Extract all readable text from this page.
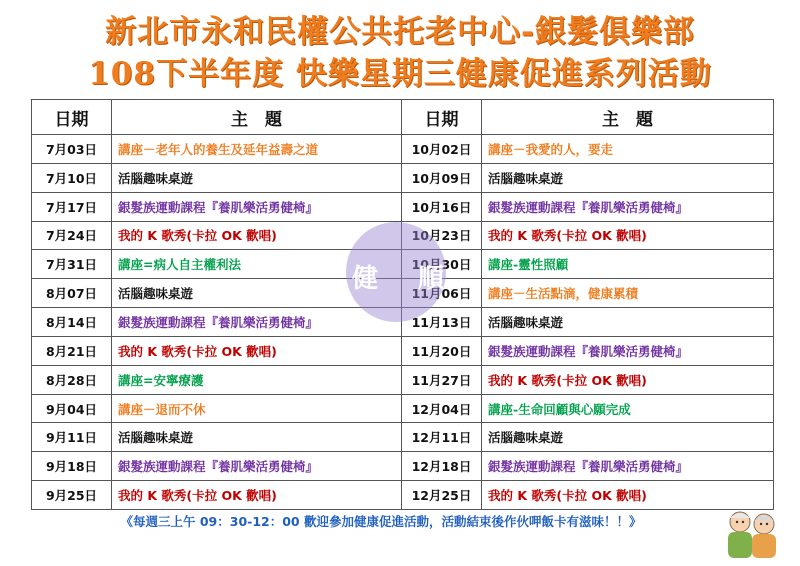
新北市永和民權公共托老中心-銀髮俱樂部
108下半年度 快樂星期三健康促進系列活動
日期	主　題	日期	主　題
7月03日	講座－老年人的養生及延年益壽之道	10月02日	講座－我愛的人，要走
7月10日	活腦趣味桌遊	10月09日	活腦趣味桌遊
7月17日	銀髮族運動課程『養肌樂活勇健椅』	10月16日	銀髮族運動課程『養肌樂活勇健椅』
7月24日	我的 K 歌秀(卡拉 OK 歡唱)	10月23日	我的 K 歌秀(卡拉 OK 歡唱)
7月31日	講座=病人自主權利法	10月30日	講座-靈性照顧
8月07日	活腦趣味桌遊	11月06日	講座－生活點滴，健康累積
8月14日	銀髮族運動課程『養肌樂活勇健椅』	11月13日	活腦趣味桌遊
8月21日	我的 K 歌秀(卡拉 OK 歡唱)	11月20日	銀髮族運動課程『養肌樂活勇健椅』
8月28日	講座=安寧療護	11月27日	我的 K 歌秀(卡拉 OK 歡唱)
9月04日	講座－退而不休	12月04日	講座-生命回顧與心願完成
9月11日	活腦趣味桌遊	12月11日	活腦趣味桌遊
9月18日	銀髮族運動課程『養肌樂活勇健椅』	12月18日	銀髮族運動課程『養肌樂活勇健椅』
9月25日	我的 K 歌秀(卡拉 OK 歡唱)	12月25日	我的 K 歌秀(卡拉 OK 歡唱)
健 順
《每週三上午 09：30-12：00 歡迎參加健康促進活動，活動結束後作伙呷飯卡有滋味！！》
